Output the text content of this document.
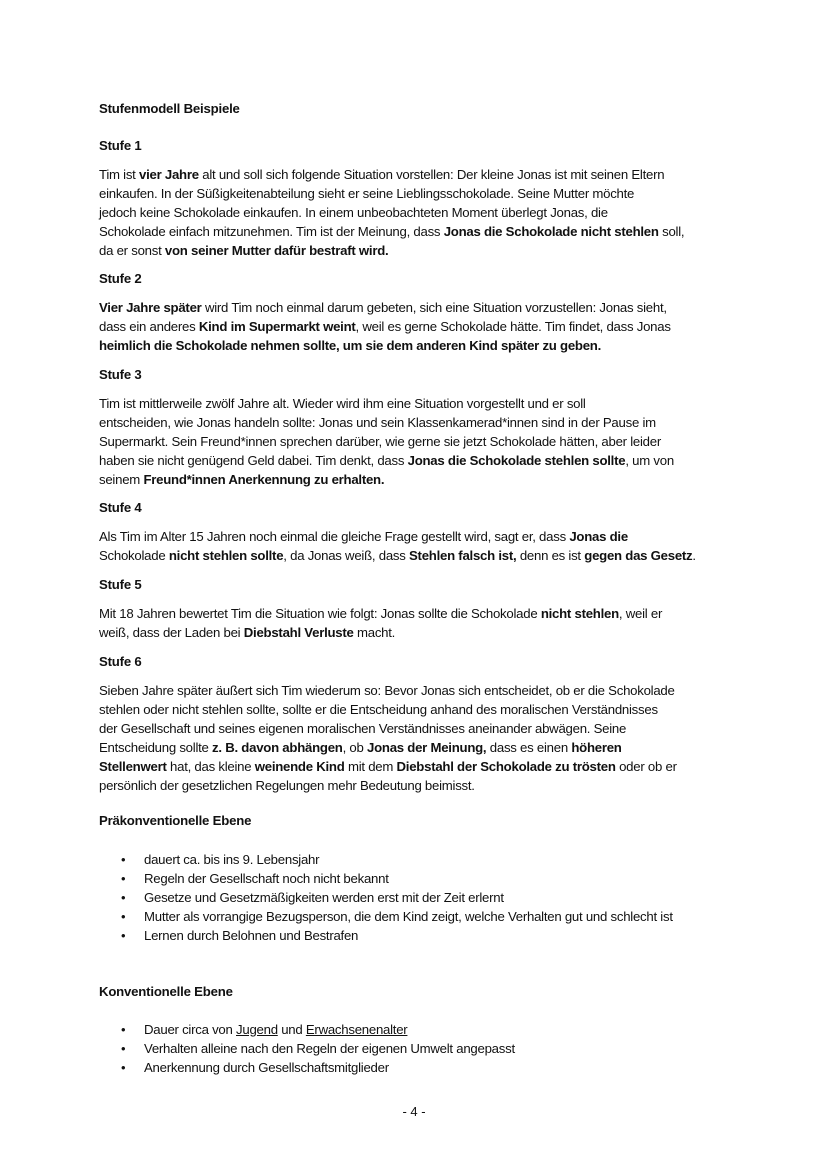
Stufenmodell Beispiele
Stufe 1
Tim ist vier Jahre alt und soll sich folgende Situation vorstellen: Der kleine Jonas ist mit seinen Eltern
einkaufen. In der Süßigkeitenabteilung sieht er seine Lieblingsschokolade. Seine Mutter möchte
jedoch keine Schokolade einkaufen. In einem unbeobachteten Moment überlegt Jonas, die
Schokolade einfach mitzunehmen. Tim ist der Meinung, dass Jonas die Schokolade nicht stehlen soll,
da er sonst von seiner Mutter dafür bestraft wird.
Stufe 2
Vier Jahre später wird Tim noch einmal darum gebeten, sich eine Situation vorzustellen: Jonas sieht,
dass ein anderes Kind im Supermarkt weint, weil es gerne Schokolade hätte. Tim findet, dass Jonas
heimlich die Schokolade nehmen sollte, um sie dem anderen Kind später zu geben.
Stufe 3
Tim ist mittlerweile zwölf Jahre alt. Wieder wird ihm eine Situation vorgestellt und er soll
entscheiden, wie Jonas handeln sollte: Jonas und sein Klassenkamerad*innen sind in der Pause im
Supermarkt. Sein Freund*innen sprechen darüber, wie gerne sie jetzt Schokolade hätten, aber leider
haben sie nicht genügend Geld dabei. Tim denkt, dass Jonas die Schokolade stehlen sollte, um von
seinem Freund*innen Anerkennung zu erhalten.
Stufe 4
Als Tim im Alter 15 Jahren noch einmal die gleiche Frage gestellt wird, sagt er, dass Jonas die
Schokolade nicht stehlen sollte, da Jonas weiß, dass Stehlen falsch ist, denn es ist gegen das Gesetz.
Stufe 5
Mit 18 Jahren bewertet Tim die Situation wie folgt: Jonas sollte die Schokolade nicht stehlen, weil er
weiß, dass der Laden bei Diebstahl Verluste macht.
Stufe 6
Sieben Jahre später äußert sich Tim wiederum so: Bevor Jonas sich entscheidet, ob er die Schokolade
stehlen oder nicht stehlen sollte, sollte er die Entscheidung anhand des moralischen Verständnisses
der Gesellschaft und seines eigenen moralischen Verständnisses aneinander abwägen. Seine
Entscheidung sollte z. B. davon abhängen, ob Jonas der Meinung, dass es einen höheren
Stellenwert hat, das kleine weinende Kind mit dem Diebstahl der Schokolade zu trösten oder ob er
persönlich der gesetzlichen Regelungen mehr Bedeutung beimisst.
Präkonventionelle Ebene
• dauert ca. bis ins 9. Lebensjahr
• Regeln der Gesellschaft noch nicht bekannt
• Gesetze und Gesetzmäßigkeiten werden erst mit der Zeit erlernt
• Mutter als vorrangige Bezugsperson, die dem Kind zeigt, welche Verhalten gut und schlecht ist
• Lernen durch Belohnen und Bestrafen
Konventionelle Ebene
• Dauer circa von Jugend und Erwachsenenalter
• Verhalten alleine nach den Regeln der eigenen Umwelt angepasst
• Anerkennung durch Gesellschaftsmitglieder
- 4 -
